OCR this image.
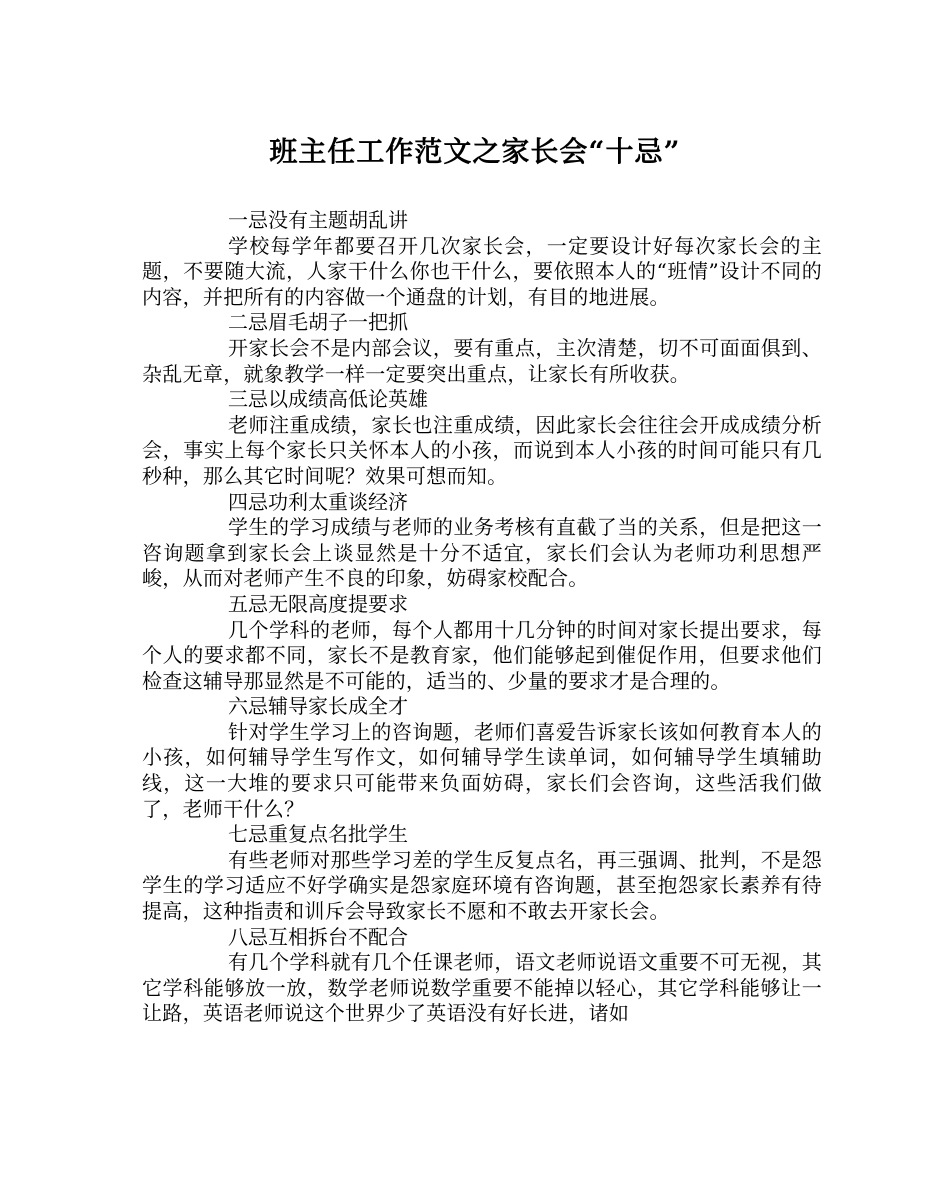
班主任工作范文之家长会“十忌”

一忌没有主题胡乱讲

学校每学年都要召开几次家长会，一定要设计好每次家长会的主题，不要随大流，人家干什么你也干什么，要依照本人的“班情”设计不同的内容，并把所有的内容做一个通盘的计划，有目的地进展。

二忌眉毛胡子一把抓

开家长会不是内部会议，要有重点，主次清楚，切不可面面俱到、杂乱无章，就象教学一样一定要突出重点，让家长有所收获。

三忌以成绩高低论英雄

老师注重成绩，家长也注重成绩，因此家长会往往会开成成绩分析会，事实上每个家长只关怀本人的小孩，而说到本人小孩的时间可能只有几秒种，那么其它时间呢？效果可想而知。

四忌功利太重谈经济

学生的学习成绩与老师的业务考核有直截了当的关系，但是把这一咨询题拿到家长会上谈显然是十分不适宜，家长们会认为老师功利思想严峻，从而对老师产生不良的印象，妨碍家校配合。

五忌无限高度提要求

几个学科的老师，每个人都用十几分钟的时间对家长提出要求，每个人的要求都不同，家长不是教育家，他们能够起到催促作用，但要求他们检查这辅导那显然是不可能的，适当的、少量的要求才是合理的。

六忌辅导家长成全才

针对学生学习上的咨询题，老师们喜爱告诉家长该如何教育本人的小孩，如何辅导学生写作文，如何辅导学生读单词，如何辅导学生填辅助线，这一大堆的要求只可能带来负面妨碍，家长们会咨询，这些活我们做了，老师干什么？

七忌重复点名批学生

有些老师对那些学习差的学生反复点名，再三强调、批判，不是怨学生的学习适应不好学确实是怨家庭环境有咨询题，甚至抱怨家长素养有待提高，这种指责和训斥会导致家长不愿和不敢去开家长会。

八忌互相拆台不配合

有几个学科就有几个任课老师，语文老师说语文重要不可无视，其它学科能够放一放，数学老师说数学重要不能掉以轻心，其它学科能够让一让路，英语老师说这个世界少了英语没有好长进，诸如
